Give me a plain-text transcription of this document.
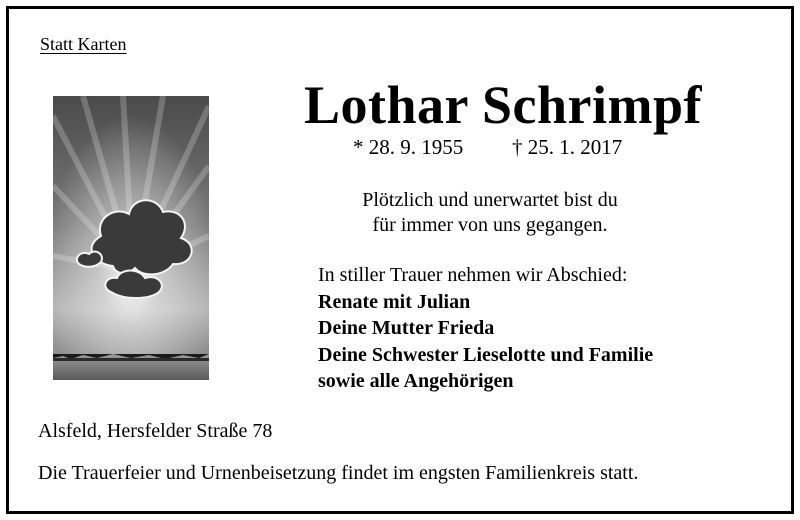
Statt Karten
Lothar Schrimpf
* 28. 9. 1955 † 25. 1. 2017
Plötzlich und unerwartet bist du
für immer von uns gegangen.
In stiller Trauer nehmen wir Abschied:
Renate mit Julian
Deine Mutter Frieda
Deine Schwester Lieselotte und Familie
sowie alle Angehörigen
Alsfeld, Hersfelder Straße 78
Die Trauerfeier und Urnenbeisetzung findet im engsten Familienkreis statt.
